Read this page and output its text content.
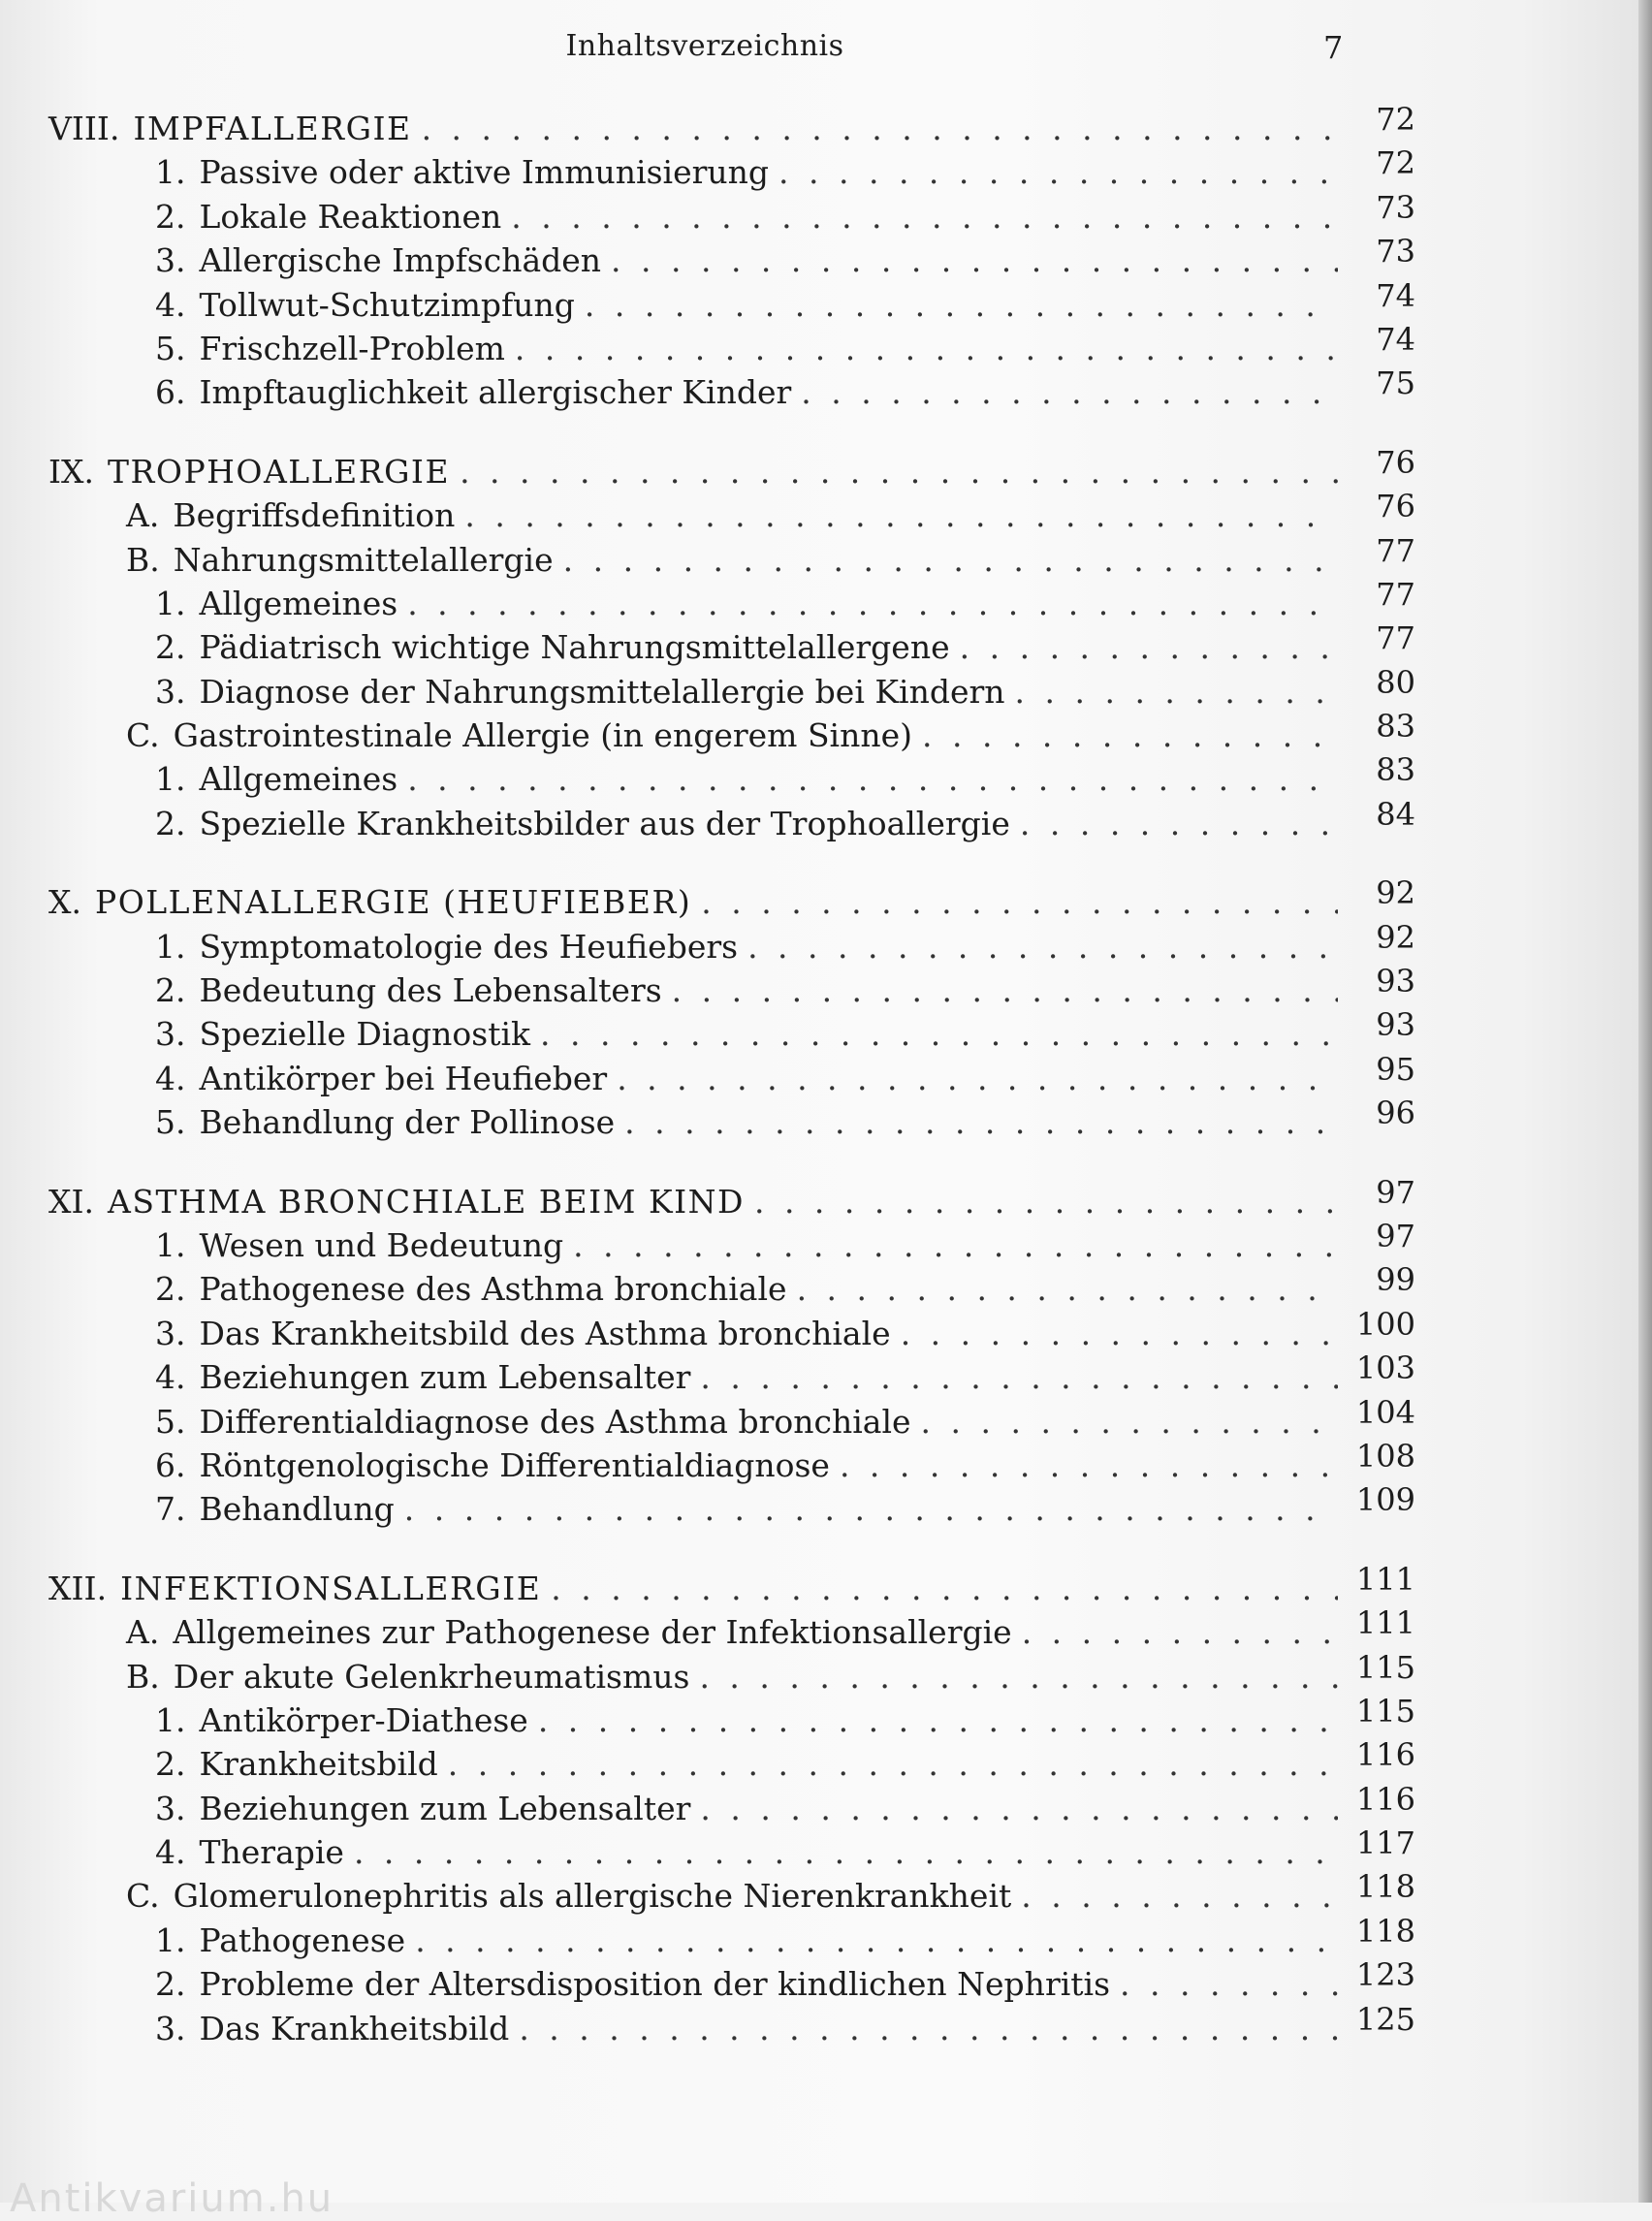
Inhaltsverzeichnis	7
VIII. IMPFALLERGIE . . .	72
1. Passive oder aktive Immunisierung . . .	72
2. Lokale Reaktionen . . .	73
3. Allergische Impfschäden . . .	73
4. Tollwut-Schutzimpfung . . .	74
5. Frischzell-Problem . . .	74
6. Impftauglichkeit allergischer Kinder . . .	75
IX. TROPHOALLERGIE . . .	76
A. Begriffsdefinition . . .	76
B. Nahrungsmittelallergie . . .	77
1. Allgemeines . . .	77
2. Pädiatrisch wichtige Nahrungsmittelallergene . . .	77
3. Diagnose der Nahrungsmittelallergie bei Kindern . . .	80
C. Gastrointestinale Allergie (in engerem Sinne) . . .	83
1. Allgemeines . . .	83
2. Spezielle Krankheitsbilder aus der Trophoallergie . . .	84
X. POLLENALLERGIE (HEUFIEBER) . . .	92
1. Symptomatologie des Heufiebers . . .	92
2. Bedeutung des Lebensalters . . .	93
3. Spezielle Diagnostik . . .	93
4. Antikörper bei Heufieber . . .	95
5. Behandlung der Pollinose . . .	96
XI. ASTHMA BRONCHIALE BEIM KIND . . .	97
1. Wesen und Bedeutung . . .	97
2. Pathogenese des Asthma bronchiale . . .	99
3. Das Krankheitsbild des Asthma bronchiale . . .	100
4. Beziehungen zum Lebensalter . . .	103
5. Differentialdiagnose des Asthma bronchiale . . .	104
6. Röntgenologische Differentialdiagnose . . .	108
7. Behandlung . . .	109
XII. INFEKTIONSALLERGIE . . .	111
A. Allgemeines zur Pathogenese der Infektionsallergie . . .	111
B. Der akute Gelenkrheumatismus . . .	115
1. Antikörper-Diathese . . .	115
2. Krankheitsbild . . .	116
3. Beziehungen zum Lebensalter . . .	116
4. Therapie . . .	117
C. Glomerulonephritis als allergische Nierenkrankheit . . .	118
1. Pathogenese . . .	118
2. Probleme der Altersdisposition der kindlichen Nephritis . . .	123
3. Das Krankheitsbild . . .	125
Antikvarium.hu
